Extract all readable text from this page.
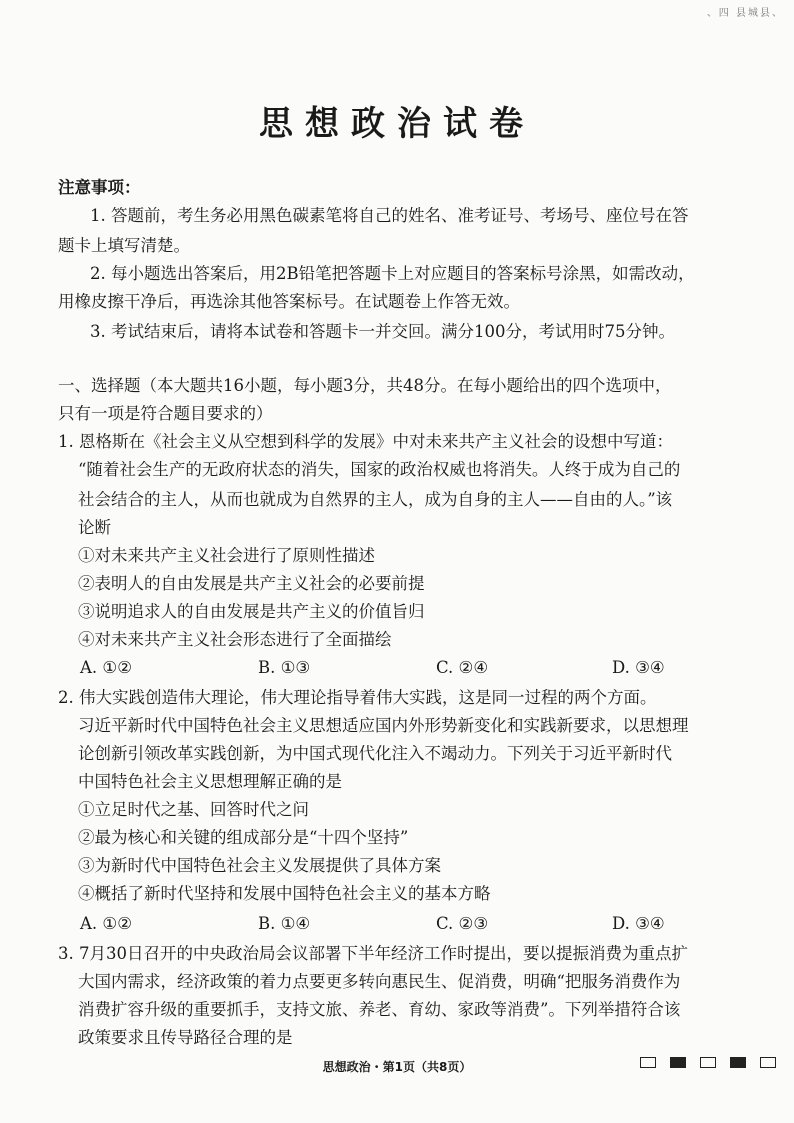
、四 县城县、
思想政治试卷
注意事项：
1. 答题前，考生务必用黑色碳素笔将自己的姓名、准考证号、考场号、座位号在答
题卡上填写清楚。
2. 每小题选出答案后，用2B铅笔把答题卡上对应题目的答案标号涂黑，如需改动，
用橡皮擦干净后，再选涂其他答案标号。在试题卷上作答无效。
3. 考试结束后，请将本试卷和答题卡一并交回。满分100分，考试用时75分钟。
一、选择题（本大题共16小题，每小题3分，共48分。在每小题给出的四个选项中，
只有一项是符合题目要求的）
1. 恩格斯在《社会主义从空想到科学的发展》中对未来共产主义社会的设想中写道：
“随着社会生产的无政府状态的消失，国家的政治权威也将消失。人终于成为自己的
社会结合的主人，从而也就成为自然界的主人，成为自身的主人——自由的人。”该
论断
①对未来共产主义社会进行了原则性描述
②表明人的自由发展是共产主义社会的必要前提
③说明追求人的自由发展是共产主义的价值旨归
④对未来共产主义社会形态进行了全面描绘
A. ①②	B. ①③	C. ②④	D. ③④
2. 伟大实践创造伟大理论，伟大理论指导着伟大实践，这是同一过程的两个方面。
习近平新时代中国特色社会主义思想适应国内外形势新变化和实践新要求，以思想理
论创新引领改革实践创新，为中国式现代化注入不竭动力。下列关于习近平新时代
中国特色社会主义思想理解正确的是
①立足时代之基、回答时代之问
②最为核心和关键的组成部分是“十四个坚持”
③为新时代中国特色社会主义发展提供了具体方案
④概括了新时代坚持和发展中国特色社会主义的基本方略
A. ①②	B. ①④	C. ②③	D. ③④
3. 7月30日召开的中央政治局会议部署下半年经济工作时提出，要以提振消费为重点扩
大国内需求，经济政策的着力点要更多转向惠民生、促消费，明确“把服务消费作为
消费扩容升级的重要抓手，支持文旅、养老、育幼、家政等消费”。下列举措符合该
政策要求且传导路径合理的是
思想政治・第1页（共8页）
